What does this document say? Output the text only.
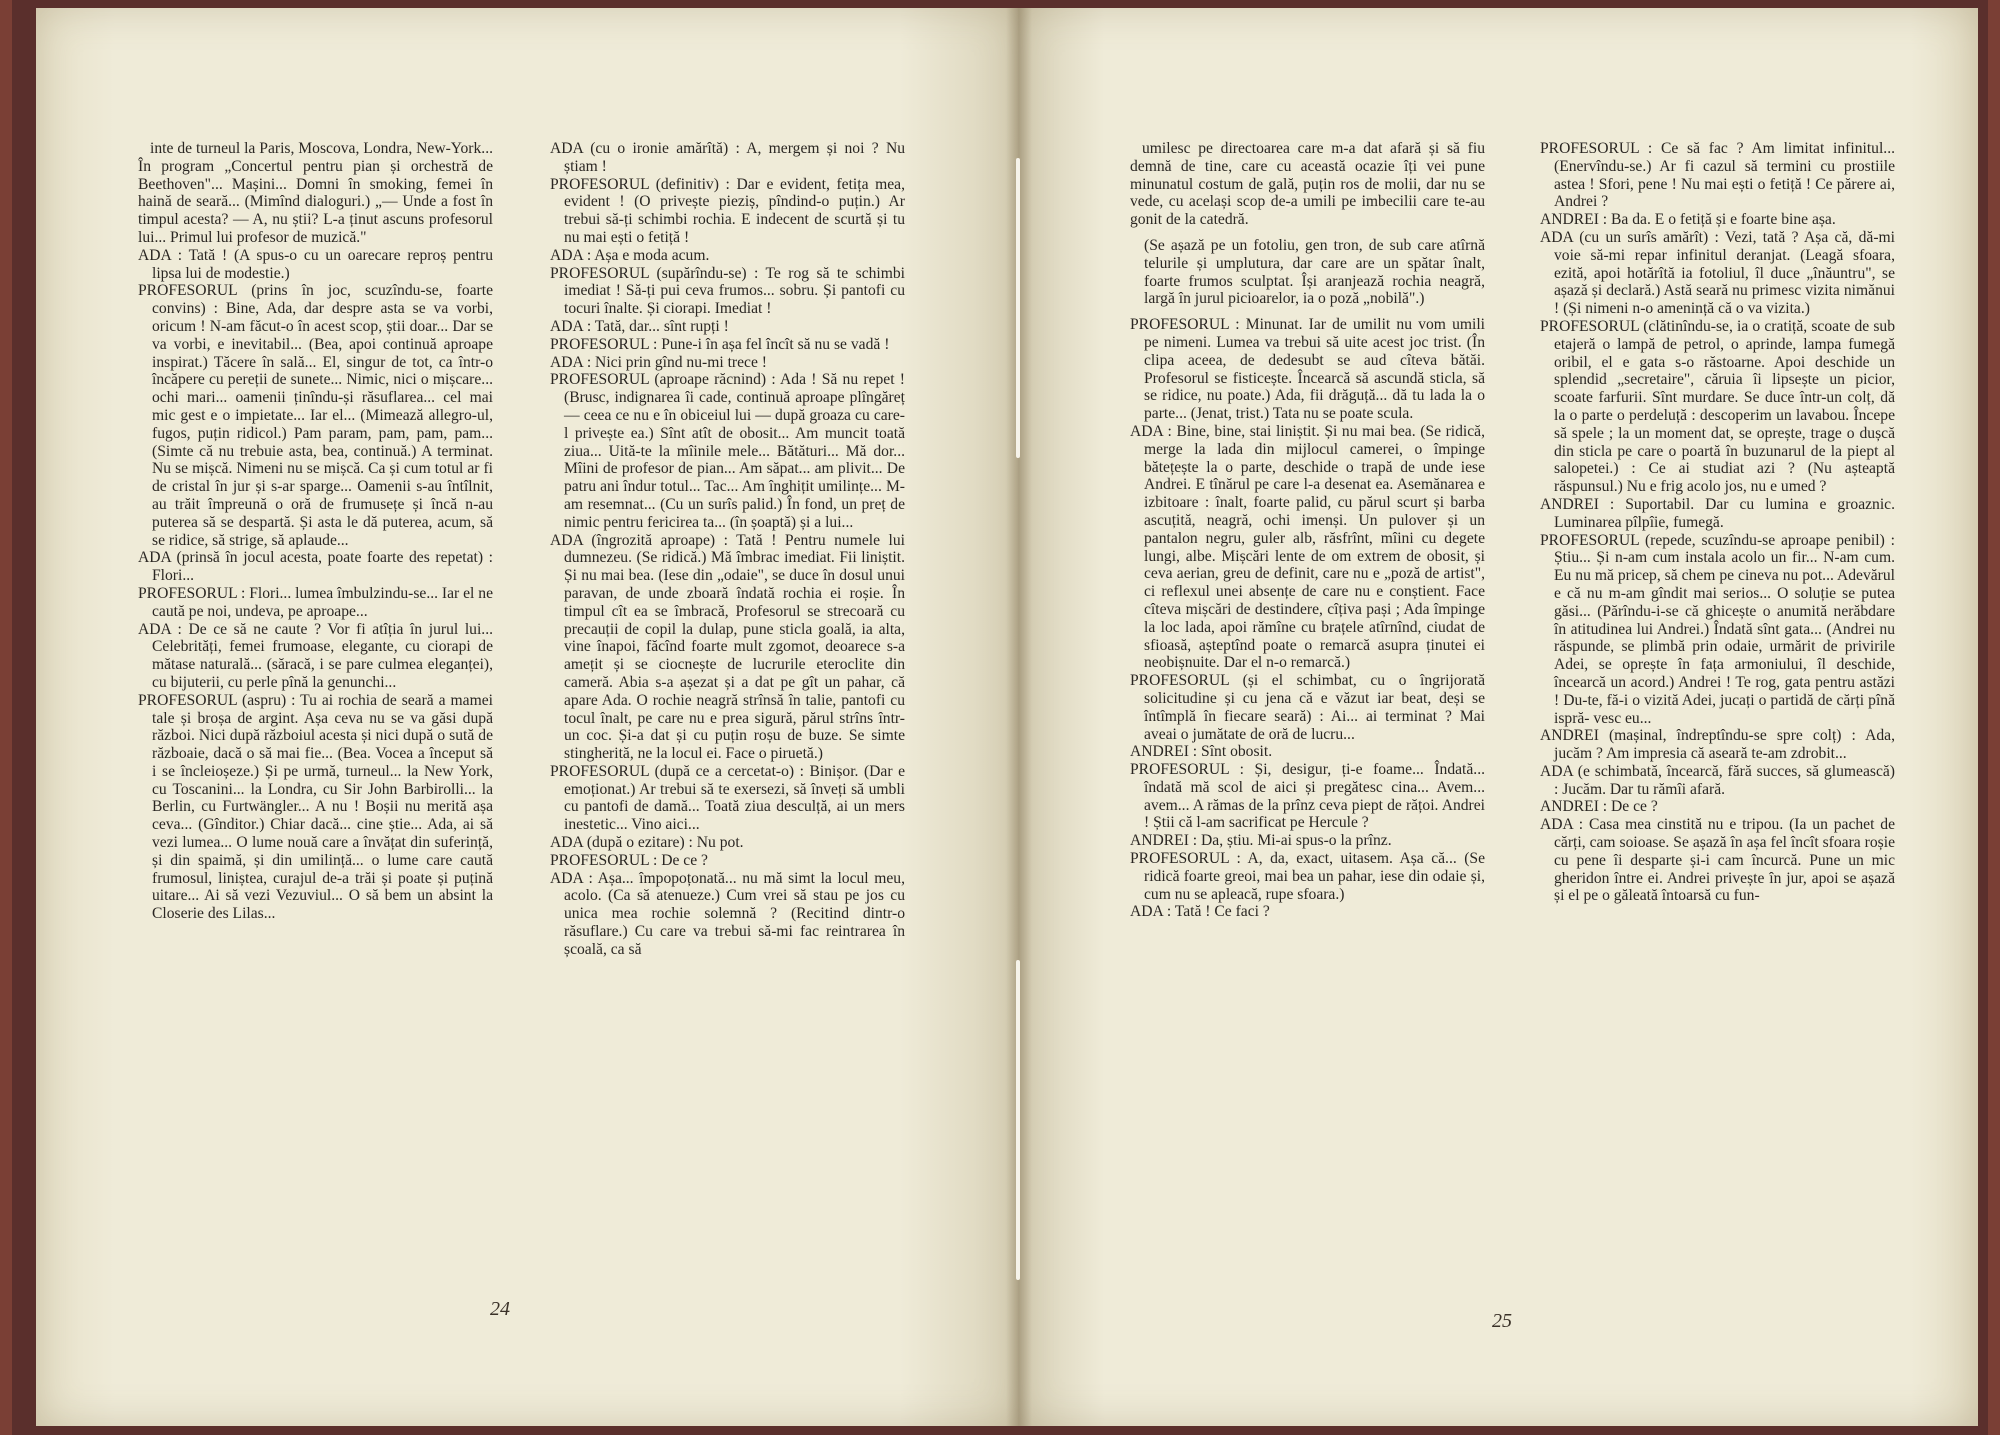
inte de turneul la Paris, Moscova, Londra, New-York... În program „Concertul pentru pian și orchestră de Beethoven"... Mașini... Domni în smoking, femei în haină de seară... (Mimînd dialoguri.) „— Unde a fost în timpul acesta? — A, nu știi? L-a ținut ascuns profesorul lui... Primul lui profesor de muzică."

ADA : Tată ! (A spus-o cu un oarecare reproș pentru lipsa lui de modestie.)

PROFESORUL (prins în joc, scuzîndu-se, foarte convins) : Bine, Ada, dar despre asta se va vorbi, oricum ! N-am făcut-o în acest scop, știi doar... Dar se va vorbi, e inevitabil... (Bea, apoi continuă aproape inspirat.) Tăcere în sală... El, singur de tot, ca într-o încăpere cu pereții de sunete... Nimic, nici o mișcare... ochi mari... oamenii ținîndu-și răsuflarea... cel mai mic gest e o impietate... Iar el... (Mimează allegro-ul, fugos, puțin ridicol.) Pam param, pam, pam, pam... (Simte că nu trebuie asta, bea, continuă.) A terminat. Nu se mișcă. Nimeni nu se mișcă. Ca și cum totul ar fi de cristal în jur și s-ar sparge... Oamenii s-au întîlnit, au trăit împreună o oră de frumusețe și încă n-au puterea să se despartă. Și asta le dă puterea, acum, să se ridice, să strige, să aplaude...

ADA (prinsă în jocul acesta, poate foarte des repetat) : Flori...

PROFESORUL : Flori... lumea îmbulzindu-se... Iar el ne caută pe noi, undeva, pe aproape...

ADA : De ce să ne caute ? Vor fi atîția în jurul lui... Celebrități, femei frumoase, elegante, cu ciorapi de mătase naturală... (săracă, i se pare culmea eleganței), cu bijuterii, cu perle pînă la genunchi...

PROFESORUL (aspru) : Tu ai rochia de seară a mamei tale și broșa de argint. Așa ceva nu se va găsi după război. Nici după războiul acesta și nici după o sută de războaie, dacă o să mai fie... (Bea. Vocea a început să i se încleioșeze.) Și pe urmă, turneul... la New York, cu Toscanini... la Londra, cu Sir John Barbirolli... la Berlin, cu Furtwängler... A nu ! Boșii nu merită așa ceva... (Gînditor.) Chiar dacă... cine știe... Ada, ai să vezi lumea... O lume nouă care a învățat din suferință, și din spaimă, și din umilință... o lume care caută frumosul, liniștea, curajul de-a trăi și poate și puțină uitare... Ai să vezi Vezuviul... O să bem un absint la Closerie des Lilas...

ADA (cu o ironie amărîtă) : A, mergem și noi ? Nu știam !

PROFESORUL (definitiv) : Dar e evident, fetița mea, evident ! (O privește pieziș, pîndind-o puțin.) Ar trebui să-ți schimbi rochia. E indecent de scurtă și tu nu mai ești o fetiță !

ADA : Așa e moda acum.

PROFESORUL (supărîndu-se) : Te rog să te schimbi imediat ! Să-ți pui ceva frumos... sobru. Și pantofi cu tocuri înalte. Și ciorapi. Imediat !

ADA : Tată, dar... sînt rupți !

PROFESORUL : Pune-i în așa fel încît să nu se vadă !

ADA : Nici prin gînd nu-mi trece !

PROFESORUL (aproape răcnind) : Ada ! Să nu repet ! (Brusc, indignarea îi cade, continuă aproape plîngăreț — ceea ce nu e în obiceiul lui — după groaza cu care-l privește ea.) Sînt atît de obosit... Am muncit toată ziua... Uită-te la mîinile mele... Bătături... Mă dor... Mîini de profesor de pian... Am săpat... am plivit... De patru ani îndur totul... Tac... Am înghițit umilințe... M-am resemnat... (Cu un surîs palid.) În fond, un preț de nimic pentru fericirea ta... (în șoaptă) și a lui...

ADA (îngrozită aproape) : Tată ! Pentru numele lui dumnezeu. (Se ridică.) Mă îmbrac imediat. Fii liniștit. Și nu mai bea. (Iese din „odaie", se duce în dosul unui paravan, de unde zboară îndată rochia ei roșie. În timpul cît ea se îmbracă, Profesorul se strecoară cu precauții de copil la dulap, pune sticla goală, ia alta, vine înapoi, făcînd foarte mult zgomot, deoarece s-a amețit și se ciocnește de lucrurile eteroclite din cameră. Abia s-a așezat și a dat pe gît un pahar, că apare Ada. O rochie neagră strînsă în talie, pantofi cu tocul înalt, pe care nu e prea sigură, părul strîns într-un coc. Și-a dat și cu puțin roșu de buze. Se simte stingherită, ne la locul ei. Face o piruetă.)

PROFESORUL (după ce a cercetat-o) : Binișor. (Dar e emoționat.) Ar trebui să te exersezi, să înveți să umbli cu pantofi de damă... Toată ziua desculță, ai un mers inestetic... Vino aici...

ADA (după o ezitare) : Nu pot.

PROFESORUL : De ce ?

ADA : Așa... împopoțonată... nu mă simt la locul meu, acolo. (Ca să atenueze.) Cum vrei să stau pe jos cu unica mea rochie solemnă ? (Recitind dintr-o răsuflare.) Cu care va trebui să-mi fac reintrarea în școală, ca să

umilesc pe directoarea care m-a dat afară și să fiu demnă de tine, care cu această ocazie îți vei pune minunatul costum de gală, puțin ros de molii, dar nu se vede, cu același scop de-a umili pe imbecilii care te-au gonit de la catedră.

(Se așază pe un fotoliu, gen tron, de sub care atîrnă telurile și umplutura, dar care are un spătar înalt, foarte frumos sculptat. Își aranjează rochia neagră, largă în jurul picioarelor, ia o poză „nobilă".)

PROFESORUL : Minunat. Iar de umilit nu vom umili pe nimeni. Lumea va trebui să uite acest joc trist. (În clipa aceea, de dedesubt se aud cîteva bătăi. Profesorul se fisticește. Încearcă să ascundă sticla, să se ridice, nu poate.) Ada, fii drăguță... dă tu lada la o parte... (Jenat, trist.) Tata nu se poate scula.

ADA : Bine, bine, stai liniștit. Și nu mai bea. (Se ridică, merge la lada din mijlocul camerei, o împinge bătețește la o parte, deschide o trapă de unde iese Andrei. E tînărul pe care l-a desenat ea. Asemănarea e izbitoare : înalt, foarte palid, cu părul scurt și barba ascuțită, neagră, ochi imenși. Un pulover și un pantalon negru, guler alb, răsfrînt, mîini cu degete lungi, albe. Mișcări lente de om extrem de obosit, și ceva aerian, greu de definit, care nu e „poză de artist", ci reflexul unei absențe de care nu e conștient. Face cîteva mișcări de destindere, cîțiva pași ; Ada împinge la loc lada, apoi rămîne cu brațele atîrnînd, ciudat de sfioasă, așteptînd poate o remarcă asupra ținutei ei neobișnuite. Dar el n-o remarcă.)

PROFESORUL (și el schimbat, cu o îngrijorată solicitudine și cu jena că e văzut iar beat, deși se întîmplă în fiecare seară) : Ai... ai terminat ? Mai aveai o jumătate de oră de lucru...

ANDREI : Sînt obosit.

PROFESORUL : Și, desigur, ți-e foame... Îndată... îndată mă scol de aici și pregătesc cina... Avem... avem... A rămas de la prînz ceva piept de rățoi. Andrei ! Știi că l-am sacrificat pe Hercule ?

ANDREI : Da, știu. Mi-ai spus-o la prînz.

PROFESORUL : A, da, exact, uitasem. Așa că... (Se ridică foarte greoi, mai bea un pahar, iese din odaie și, cum nu se apleacă, rupe sfoara.)

ADA : Tată ! Ce faci ?

PROFESORUL : Ce să fac ? Am limitat infinitul... (Enervîndu-se.) Ar fi cazul să termini cu prostiile astea ! Sfori, pene ! Nu mai ești o fetiță ! Ce părere ai, Andrei ?

ANDREI : Ba da. E o fetiță și e foarte bine așa.

ADA (cu un surîs amărît) : Vezi, tată ? Așa că, dă-mi voie să-mi repar infinitul deranjat. (Leagă sfoara, ezită, apoi hotărîtă ia fotoliul, îl duce „înăuntru", se așază și declară.) Astă seară nu primesc vizita nimănui ! (Și nimeni n-o amenință că o va vizita.)

PROFESORUL (clătinîndu-se, ia o cratiță, scoate de sub etajeră o lampă de petrol, o aprinde, lampa fumegă oribil, el e gata s-o răstoarne. Apoi deschide un splendid „secretaire", căruia îi lipsește un picior, scoate farfurii. Sînt murdare. Se duce într-un colț, dă la o parte o perdeluță : descoperim un lavabou. Începe să spele ; la un moment dat, se oprește, trage o dușcă din sticla pe care o poartă în buzunarul de la piept al salopetei.) : Ce ai studiat azi ? (Nu așteaptă răspunsul.) Nu e frig acolo jos, nu e umed ?

ANDREI : Suportabil. Dar cu lumina e groaznic. Luminarea pîlpîie, fumegă.

PROFESORUL (repede, scuzîndu-se aproape penibil) : Știu... Și n-am cum instala acolo un fir... N-am cum. Eu nu mă pricep, să chem pe cineva nu pot... Adevărul e că nu m-am gîndit mai serios... O soluție se putea găsi... (Părîndu-i-se că ghicește o anumită nerăbdare în atitudinea lui Andrei.) Îndată sînt gata... (Andrei nu răspunde, se plimbă prin odaie, urmărit de privirile Adei, se oprește în fața armoniului, îl deschide, încearcă un acord.) Andrei ! Te rog, gata pentru astăzi ! Du-te, fă-i o vizită Adei, jucați o partidă de cărți pînă ispră- vesc eu...

ANDREI (mașinal, îndreptîndu-se spre colț) : Ada, jucăm ? Am impresia că aseară te-am zdrobit...

ADA (e schimbată, încearcă, fără succes, să glumească) : Jucăm. Dar tu rămîi afară.

ANDREI : De ce ?

ADA : Casa mea cinstită nu e tripou. (Ia un pachet de cărți, cam soioase. Se așază în așa fel încît sfoara roșie cu pene îi desparte și-i cam încurcă. Pune un mic gheridon între ei. Andrei privește în jur, apoi se așază și el pe o găleată întoarsă cu fun-

24
25
